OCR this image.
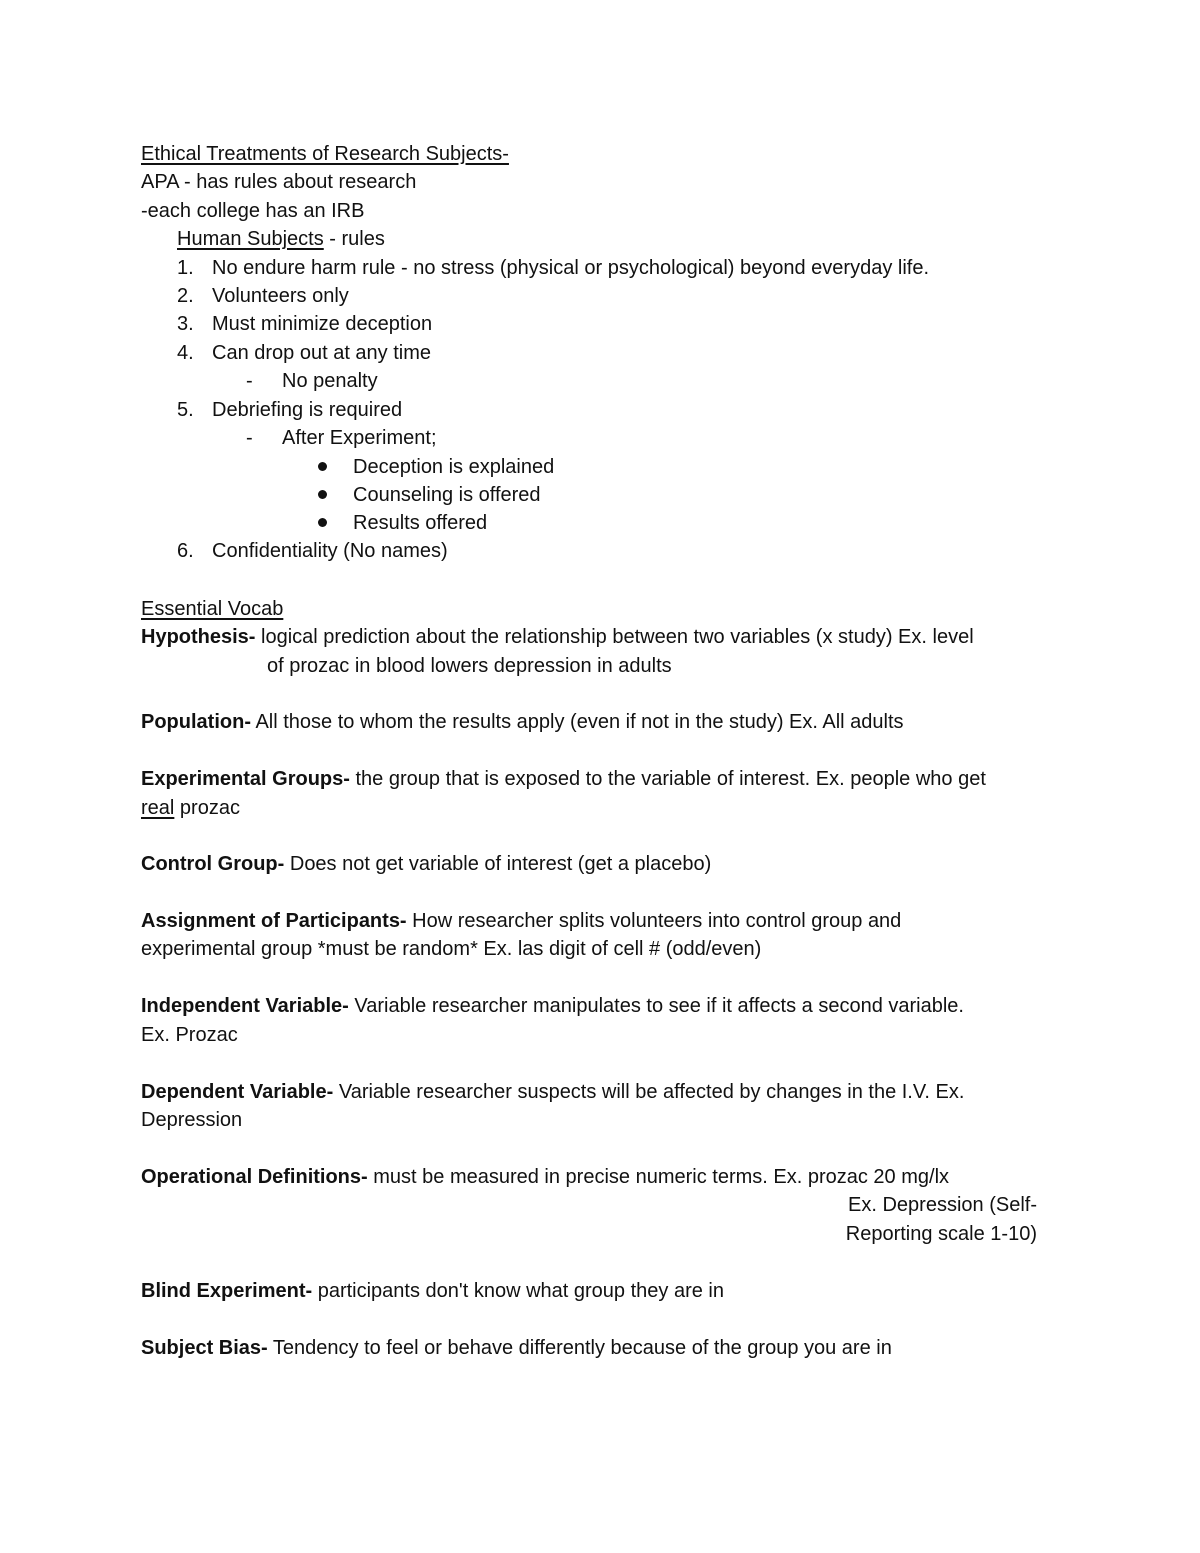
Ethical Treatments of Research Subjects-
APA - has rules about research
-each college has an IRB
Human Subjects - rules
1. No endure harm rule - no stress (physical or psychological) beyond everyday life.
2. Volunteers only
3. Must minimize deception
4. Can drop out at any time
- No penalty
5. Debriefing is required
- After Experiment;
Deception is explained
Counseling is offered
Results offered
6. Confidentiality (No names)
Essential Vocab
Hypothesis- logical prediction about the relationship between two variables (x study) Ex. level
of prozac in blood lowers depression in adults
Population- All those to whom the results apply (even if not in the study) Ex. All adults
Experimental Groups- the group that is exposed to the variable of interest. Ex. people who get
real prozac
Control Group- Does not get variable of interest (get a placebo)
Assignment of Participants- How researcher splits volunteers into control group and
experimental group *must be random* Ex. las digit of cell # (odd/even)
Independent Variable- Variable researcher manipulates to see if it affects a second variable.
Ex. Prozac
Dependent Variable- Variable researcher suspects will be affected by changes in the I.V. Ex.
Depression
Operational Definitions- must be measured in precise numeric terms. Ex. prozac 20 mg/lx
Ex. Depression (Self-
Reporting scale 1-10)
Blind Experiment- participants don't know what group they are in
Subject Bias- Tendency to feel or behave differently because of the group you are in
